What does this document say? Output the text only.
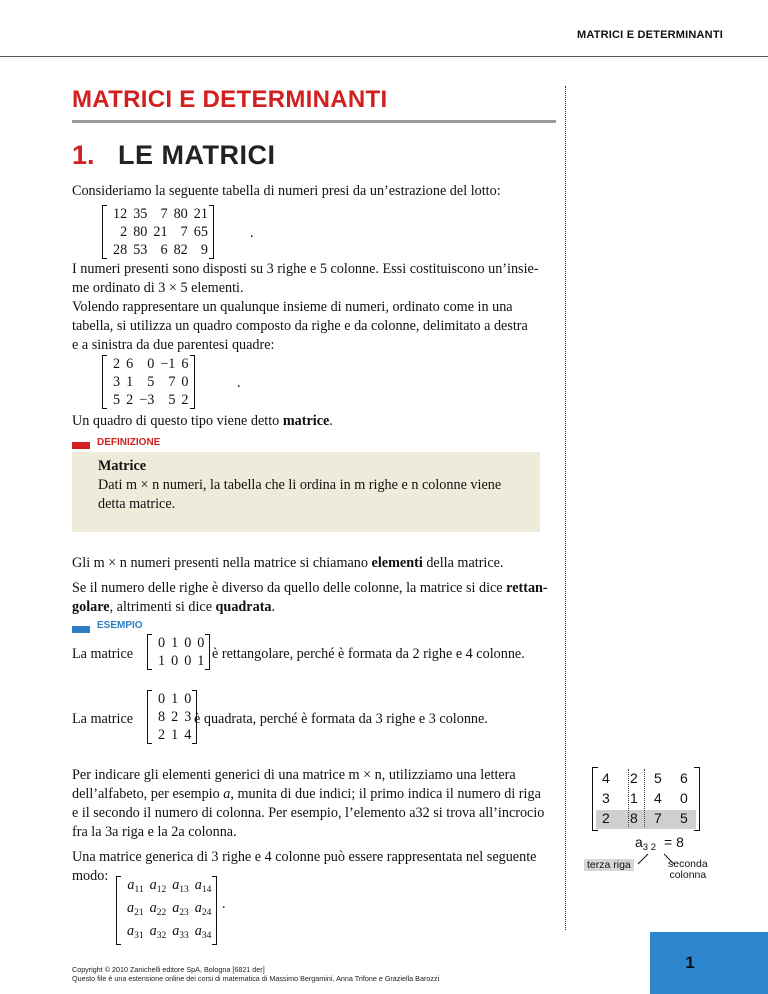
MATRICI E DETERMINANTI
MATRICI E DETERMINANTI
1. LE MATRICI
Consideriamo la seguente tabella di numeri presi da un’estrazione del lotto:
12	35	7	80	21
2	80	21	7	65
28	53	6	82	9
.
I numeri presenti sono disposti su 3 righe e 5 colonne. Essi costituiscono un’insie-
me ordinato di 3 × 5 elementi.
Volendo rappresentare un qualunque insieme di numeri, ordinato come in una
tabella, si utilizza un quadro composto da righe e da colonne, delimitato a destra
e a sinistra da due parentesi quadre:
2	6	0	−1	6
3	1	5	7	0
5	2	−3	5	2
.
Un quadro di questo tipo viene detto matrice.
DEFINIZIONE
Matrice
Dati m × n numeri, la tabella che li ordina in m righe e n colonne viene
detta matrice.
Gli m × n numeri presenti nella matrice si chiamano elementi della matrice.
Se il numero delle righe è diverso da quello delle colonne, la matrice si dice rettan-
golare, altrimenti si dice quadrata.
ESEMPIO
La matrice
0	1	0	0
1	0	0	1 è rettangolare, perché è formata da 2 righe e 4 colonne.
La matrice
0	1	0
8	2	3
2	1	4
è quadrata, perché è formata da 3 righe e 3 colonne.
Per indicare gli elementi generici di una matrice m × n, utilizziamo una lettera
dell’alfabeto, per esempio a, munita di due indici; il primo indica il numero di riga
e il secondo il numero di colonna. Per esempio, l’elemento a32 si trova all’incrocio
fra la 3a riga e la 2a colonna.
Una matrice generica di 3 righe e 4 colonne può essere rappresentata nel seguente
modo:
$a_{11}$	$a_{12}$	$a_{13}$	$a_{14}$
$a_{21}$	$a_{22}$	$a_{23}$	$a_{24}$
$a_{31}$	$a_{32}$	$a_{33}$	$a_{34}$
.
4 2 5 6
3 1 4 0
2 8 7 5
$a_{3 2} = 8$
terza riga	seconda
colonna
Copyright © 2010 Zanichelli editore SpA, Bologna [6821 der]
Questo file è una estensione online dei corsi di matematica di Massimo Bergamini, Anna Trifone e Graziella Barozzi
1
